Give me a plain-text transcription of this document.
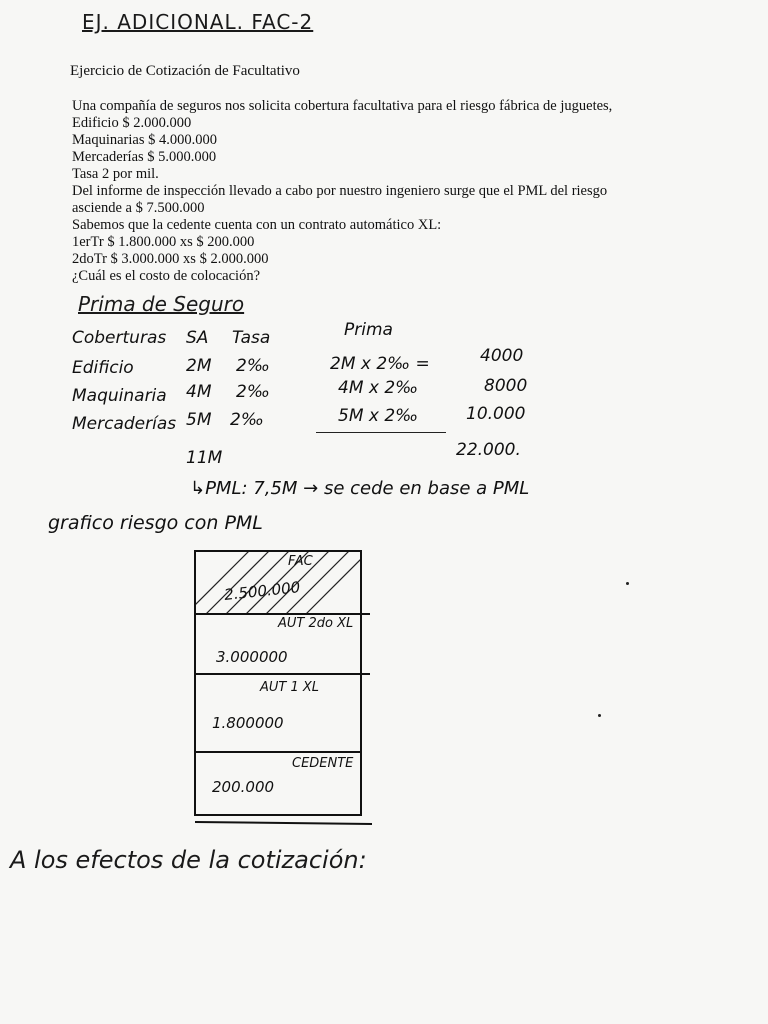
EJ. ADICIONAL. FAC-2
Ejercicio de Cotización de Facultativo
Una compañía de seguros nos solicita cobertura facultativa para el riesgo fábrica de juguetes,
Edificio $ 2.000.000
Maquinarias $ 4.000.000
Mercaderías $ 5.000.000
Tasa 2 por mil.
Del informe de inspección llevado a cabo por nuestro ingeniero surge que el PML del riesgo
asciende a $ 7.500.000
Sabemos que la cedente cuenta con un contrato automático XL:
1erTr $ 1.800.000 xs $ 200.000
2doTr $ 3.000.000 xs $ 2.000.000
¿Cuál es el costo de colocación?
Prima de Seguro
Coberturas SA Tasa	Prima
Edificio	2M 2‰	2M x 2‰ =	4000
Maquinaria 4M 2‰	4M x 2‰	8000
Mercaderías 5M 2‰	5M x 2‰	10.000
11M	22.000.
↳PML: 7,5M → se cede en base a PML
grafico riesgo con PML
FAC
2.500.000
AUT 2do XL
3.000000
AUT 1 XL
1.800000
CEDENTE
200.000
A los efectos de la cotización:
